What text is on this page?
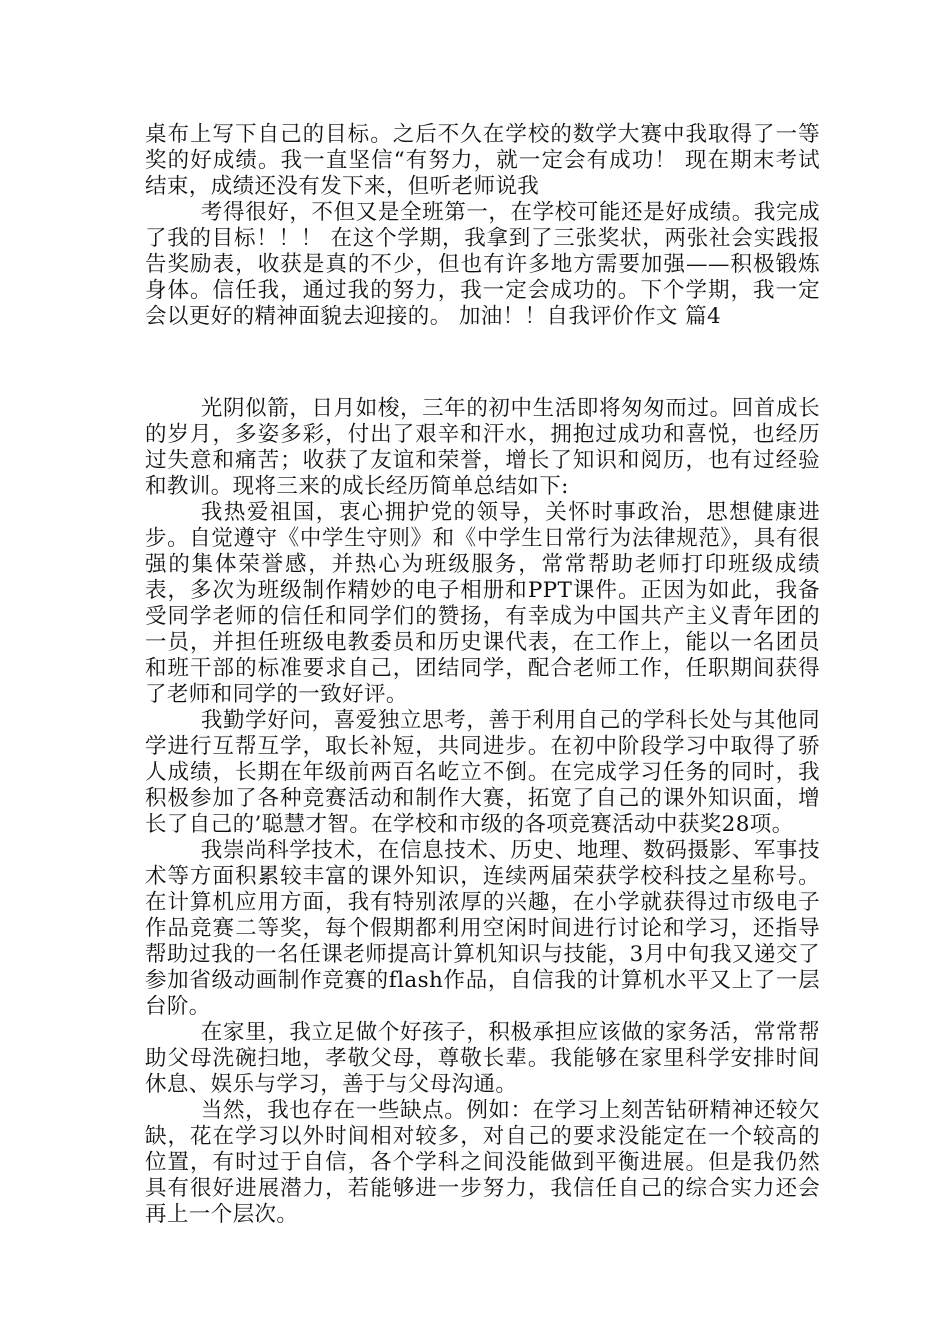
桌布上写下自己的目标。之后不久在学校的数学大赛中我取得了一等奖的好成绩。我一直坚信“有努力，就一定会有成功！ 现在期末考试结束，成绩还没有发下来，但听老师说我

考得很好，不但又是全班第一，在学校可能还是好成绩。我完成了我的目标！！！ 在这个学期，我拿到了三张奖状，两张社会实践报告奖励表，收获是真的不少，但也有许多地方需要加强——积极锻炼身体。信任我，通过我的努力，我一定会成功的。下个学期，我一定会以更好的精神面貌去迎接的。 加油！！自我评价作文 篇4

光阴似箭，日月如梭，三年的初中生活即将匆匆而过。回首成长的岁月，多姿多彩，付出了艰辛和汗水，拥抱过成功和喜悦，也经历过失意和痛苦；收获了友谊和荣誉，增长了知识和阅历，也有过经验和教训。现将三来的成长经历简单总结如下:

我热爱祖国，衷心拥护党的领导，关怀时事政治，思想健康进步。自觉遵守《中学生守则》和《中学生日常行为法律规范》，具有很强的集体荣誉感，并热心为班级服务，常常帮助老师打印班级成绩表，多次为班级制作精妙的电子相册和PPT课件。正因为如此，我备受同学老师的信任和同学们的赞扬，有幸成为中国共产主义青年团的一员，并担任班级电教委员和历史课代表，在工作上，能以一名团员和班干部的标准要求自己，团结同学，配合老师工作，任职期间获得了老师和同学的一致好评。

我勤学好问，喜爱独立思考，善于利用自己的学科长处与其他同学进行互帮互学，取长补短，共同进步。在初中阶段学习中取得了骄人成绩，长期在年级前两百名屹立不倒。在完成学习任务的同时，我积极参加了各种竞赛活动和制作大赛，拓宽了自己的课外知识面，增长了自己的’聪慧才智。在学校和市级的各项竞赛活动中获奖28项。

我崇尚科学技术，在信息技术、历史、地理、数码摄影、军事技术等方面积累较丰富的课外知识，连续两届荣获学校科技之星称号。在计算机应用方面，我有特别浓厚的兴趣，在小学就获得过市级电子作品竞赛二等奖，每个假期都利用空闲时间进行讨论和学习，还指导帮助过我的一名任课老师提高计算机知识与技能，3月中旬我又递交了参加省级动画制作竞赛的flash作品，自信我的计算机水平又上了一层台阶。

在家里，我立足做个好孩子，积极承担应该做的家务活，常常帮助父母洗碗扫地，孝敬父母，尊敬长辈。我能够在家里科学安排时间休息、娱乐与学习，善于与父母沟通。

当然，我也存在一些缺点。例如：在学习上刻苦钻研精神还较欠缺，花在学习以外时间相对较多，对自己的要求没能定在一个较高的位置，有时过于自信，各个学科之间没能做到平衡进展。但是我仍然具有很好进展潜力，若能够进一步努力，我信任自己的综合实力还会再上一个层次。
